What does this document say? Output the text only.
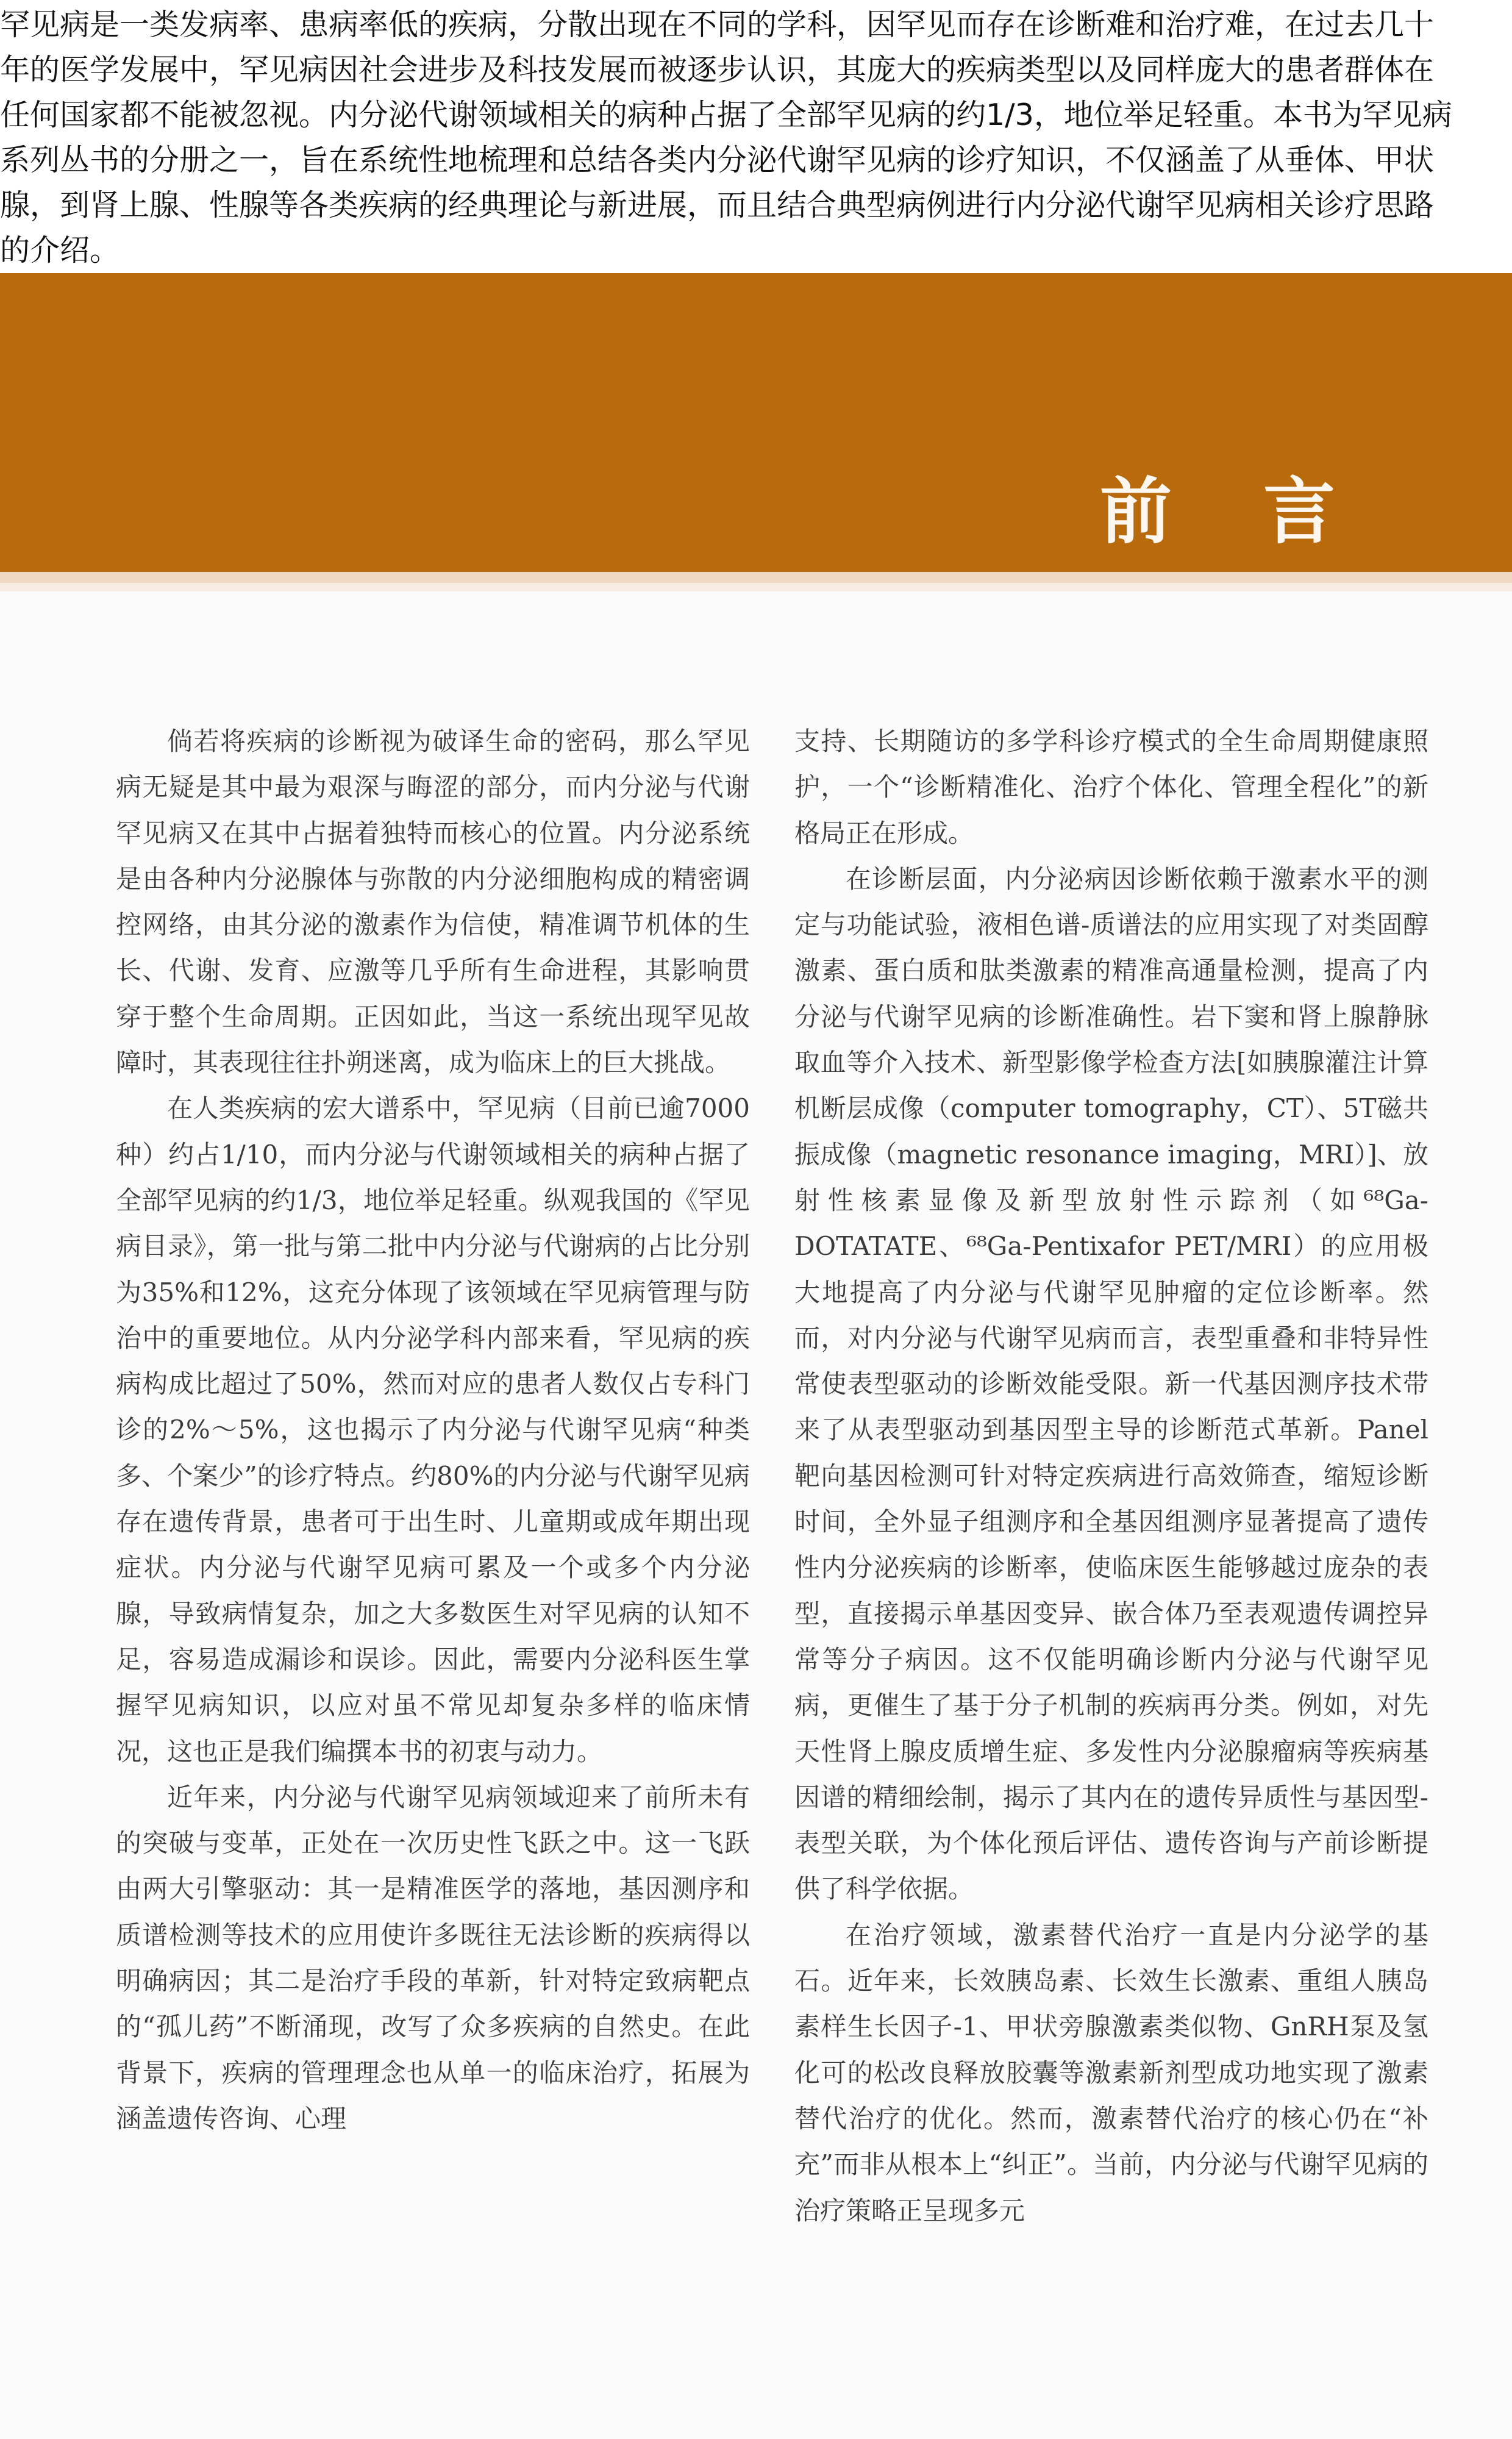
罕见病是一类发病率、患病率低的疾病，分散出现在不同的学科，因罕见而存在诊断难和治疗难，在过去几十年的医学发展中，罕见病因社会进步及科技发展而被逐步认识，其庞大的疾病类型以及同样庞大的患者群体在任何国家都不能被忽视。内分泌代谢领域相关的病种占据了全部罕见病的约1/3，地位举足轻重。本书为罕见病系列丛书的分册之一，旨在系统性地梳理和总结各类内分泌代谢罕见病的诊疗知识，不仅涵盖了从垂体、甲状腺，到肾上腺、性腺等各类疾病的经典理论与新进展，而且结合典型病例进行内分泌代谢罕见病相关诊疗思路的介绍。

前言

倘若将疾病的诊断视为破译生命的密码，那么罕见病无疑是其中最为艰深与晦涩的部分，而内分泌与代谢罕见病又在其中占据着独特而核心的位置。内分泌系统是由各种内分泌腺体与弥散的内分泌细胞构成的精密调控网络，由其分泌的激素作为信使，精准调节机体的生长、代谢、发育、应激等几乎所有生命进程，其影响贯穿于整个生命周期。正因如此，当这一系统出现罕见故障时，其表现往往扑朔迷离，成为临床上的巨大挑战。

在人类疾病的宏大谱系中，罕见病（目前已逾7000种）约占1/10，而内分泌与代谢领域相关的病种占据了全部罕见病的约1/3，地位举足轻重。纵观我国的《罕见病目录》，第一批与第二批中内分泌与代谢病的占比分别为35%和12%，这充分体现了该领域在罕见病管理与防治中的重要地位。从内分泌学科内部来看，罕见病的疾病构成比超过了50%，然而对应的患者人数仅占专科门诊的2%～5%，这也揭示了内分泌与代谢罕见病“种类多、个案少”的诊疗特点。约80%的内分泌与代谢罕见病存在遗传背景，患者可于出生时、儿童期或成年期出现症状。内分泌与代谢罕见病可累及一个或多个内分泌腺，导致病情复杂，加之大多数医生对罕见病的认知不足，容易造成漏诊和误诊。因此，需要内分泌科医生掌握罕见病知识，以应对虽不常见却复杂多样的临床情况，这也正是我们编撰本书的初衷与动力。

近年来，内分泌与代谢罕见病领域迎来了前所未有的突破与变革，正处在一次历史性飞跃之中。这一飞跃由两大引擎驱动：其一是精准医学的落地，基因测序和质谱检测等技术的应用使许多既往无法诊断的疾病得以明确病因；其二是治疗手段的革新，针对特定致病靶点的“孤儿药”不断涌现，改写了众多疾病的自然史。在此背景下，疾病的管理理念也从单一的临床治疗，拓展为涵盖遗传咨询、心理

支持、长期随访的多学科诊疗模式的全生命周期健康照护，一个“诊断精准化、治疗个体化、管理全程化”的新格局正在形成。

在诊断层面，内分泌病因诊断依赖于激素水平的测定与功能试验，液相色谱-质谱法的应用实现了对类固醇激素、蛋白质和肽类激素的精准高通量检测，提高了内分泌与代谢罕见病的诊断准确性。岩下窦和肾上腺静脉取血等介入技术、新型影像学检查方法[如胰腺灌注计算机断层成像（computer tomography，CT）、5T磁共振成像（magnetic resonance imaging，MRI）]、放射性核素显像及新型放射性示踪剂（如⁶⁸Ga-DOTATATE、⁶⁸Ga-Pentixafor PET/MRI）的应用极大地提高了内分泌与代谢罕见肿瘤的定位诊断率。然而，对内分泌与代谢罕见病而言，表型重叠和非特异性常使表型驱动的诊断效能受限。新一代基因测序技术带来了从表型驱动到基因型主导的诊断范式革新。Panel靶向基因检测可针对特定疾病进行高效筛查，缩短诊断时间，全外显子组测序和全基因组测序显著提高了遗传性内分泌疾病的诊断率，使临床医生能够越过庞杂的表型，直接揭示单基因变异、嵌合体乃至表观遗传调控异常等分子病因。这不仅能明确诊断内分泌与代谢罕见病，更催生了基于分子机制的疾病再分类。例如，对先天性肾上腺皮质增生症、多发性内分泌腺瘤病等疾病基因谱的精细绘制，揭示了其内在的遗传异质性与基因型-表型关联，为个体化预后评估、遗传咨询与产前诊断提供了科学依据。

在治疗领域，激素替代治疗一直是内分泌学的基石。近年来，长效胰岛素、长效生长激素、重组人胰岛素样生长因子-1、甲状旁腺激素类似物、GnRH泵及氢化可的松改良释放胶囊等激素新剂型成功地实现了激素替代治疗的优化。然而，激素替代治疗的核心仍在“补充”而非从根本上“纠正”。当前，内分泌与代谢罕见病的治疗策略正呈现多元
